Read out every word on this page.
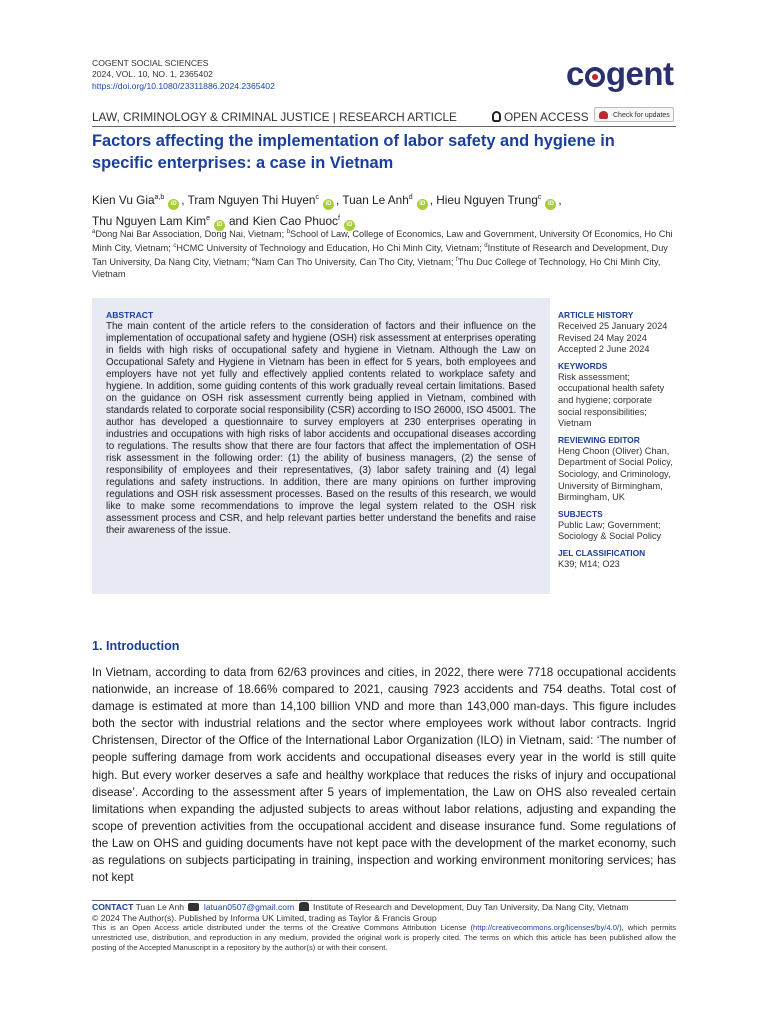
COGENT SOCIAL SCIENCES
2024, VOL. 10, NO. 1, 2365402
https://doi.org/10.1080/23311886.2024.2365402	c gent
LAW, CRIMINOLOGY & CRIMINAL JUSTICE | RESEARCH ARTICLE	OPEN ACCESS	Check for updates
Factors affecting the implementation of labor safety and hygiene in specific enterprises: a case in Vietnam
Kien Vu Gia$^{a,b}$iD , Tram Nguyen Thi Huyen$^c$iD , Tuan Le Anh$^d$iD , Hieu Nguyen Trung$^c$iD ,
Thu Nguyen Lam Kim$^e$iD and Kien Cao Phuoc$^f$iD
$^a$Dong Nai Bar Association, Dong Nai, Vietnam; $^b$School of Law, College of Economics, Law and Government, University Of Economics, Ho Chi Minh City, Vietnam; $^c$HCMC University of Technology and Education, Ho Chi Minh City, Vietnam; $^d$Institute of Research and Development, Duy Tan University, Da Nang City, Vietnam; $^e$Nam Can Tho University, Can Tho City, Vietnam; $^f$Thu Duc College of Technology, Ho Chi Minh City, Vietnam
ABSTRACT
The main content of the article refers to the consideration of factors and their influence on the implementation of occupational safety and hygiene (OSH) risk assessment at enterprises operating in fields with high risks of occupational safety and hygiene in Vietnam. Although the Law on Occupational Safety and Hygiene in Vietnam has been in effect for 5 years, both employees and employers have not yet fully and effectively applied contents related to workplace safety and hygiene. In addition, some guiding contents of this work gradually reveal certain limitations. Based on the guidance on OSH risk assessment currently being applied in Vietnam, combined with standards related to corporate social responsibility (CSR) according to ISO 26000, ISO 45001. The author has developed a questionnaire to survey employers at 230 enterprises operating in industries and occupations with high risks of labor accidents and occupational diseases according to regulations. The results show that there are four factors that affect the implementation of OSH risk assessment in the following order: (1) the ability of business managers, (2) the sense of responsibility of employees and their representatives, (3) labor safety training and (4) legal regulations and safety instructions. In addition, there are many opinions on further improving regulations and OSH risk assessment processes. Based on the results of this research, we would like to make some recommendations to improve the legal system related to the OSH risk assessment process and CSR, and help relevant parties better understand the benefits and raise their awareness of the issue.
ARTICLE HISTORY
Received 25 January 2024
Revised 24 May 2024
Accepted 2 June 2024
KEYWORDS
Risk assessment; occupational health safety and hygiene; corporate social responsibilities; Vietnam
REVIEWING EDITOR
Heng Choon (Oliver) Chan, Department of Social Policy, Sociology, and Criminology, University of Birmingham, Birmingham, UK
SUBJECTS
Public Law; Government; Sociology & Social Policy
JEL CLASSIFICATION
K39; M14; O23
1. Introduction
In Vietnam, according to data from 62/63 provinces and cities, in 2022, there were 7718 occupational accidents nationwide, an increase of 18.66% compared to 2021, causing 7923 accidents and 754 deaths. Total cost of damage is estimated at more than 14,100 billion VND and more than 143,000 man-days. This figure includes both the sector with industrial relations and the sector where employees work without labor contracts. Ingrid Christensen, Director of the Office of the International Labor Organization (ILO) in Vietnam, said: ‘The number of people suffering damage from work accidents and occupational diseases every year in the world is still quite high. But every worker deserves a safe and healthy workplace that reduces the risks of injury and occupational disease’. According to the assessment after 5 years of implementation, the Law on OHS also revealed certain limitations when expanding the adjusted subjects to areas without labor relations, adjusting and expanding the scope of prevention activities from the occupational accident and disease insurance fund. Some regulations of the Law on OHS and guiding documents have not kept pace with the development of the market economy, such as regulations on subjects participating in training, inspection and working environment monitoring services; has not kept
CONTACT Tuan Le Anh latuan0507@gmail.com Institute of Research and Development, Duy Tan University, Da Nang City, Vietnam
© 2024 The Author(s). Published by Informa UK Limited, trading as Taylor & Francis Group
This is an Open Access article distributed under the terms of the Creative Commons Attribution License (http://creativecommons.org/licenses/by/4.0/), which permits unrestricted use, distribution, and reproduction in any medium, provided the original work is properly cited. The terms on which this article has been published allow the posting of the Accepted Manuscript in a repository by the author(s) or with their consent.
